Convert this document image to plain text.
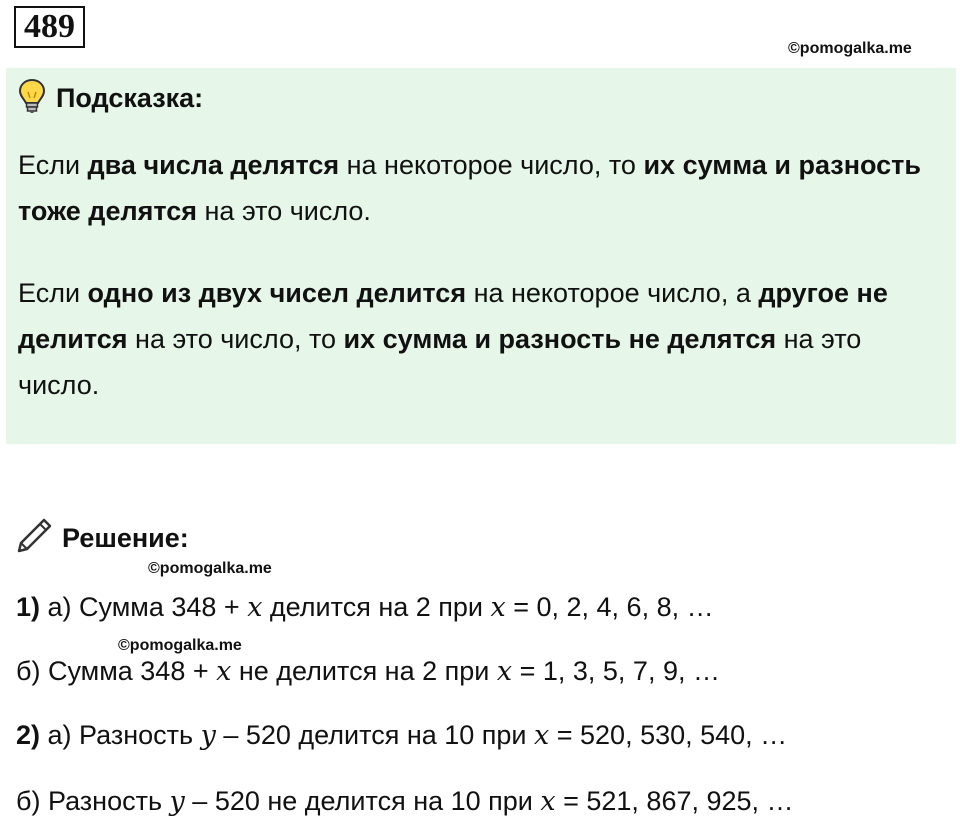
489
©pomogalka.me
Подсказка:

Если два числа делятся на некоторое число, то их сумма и разность тоже делятся на это число.

Если одно из двух чисел делится на некоторое число, а другое не делится на это число, то их сумма и разность не делятся на это число.

©pomogalka.me
©pomogalka.me
Решение:

1) а) Сумма 348 + x делится на 2 при x = 0, 2, 4, 6, 8, …

б) Сумма 348 + x не делится на 2 при x = 1, 3, 5, 7, 9, …

2) а) Разность y – 520 делится на 10 при x = 520, 530, 540, …

б) Разность y – 520 не делится на 10 при x = 521, 867, 925, …
